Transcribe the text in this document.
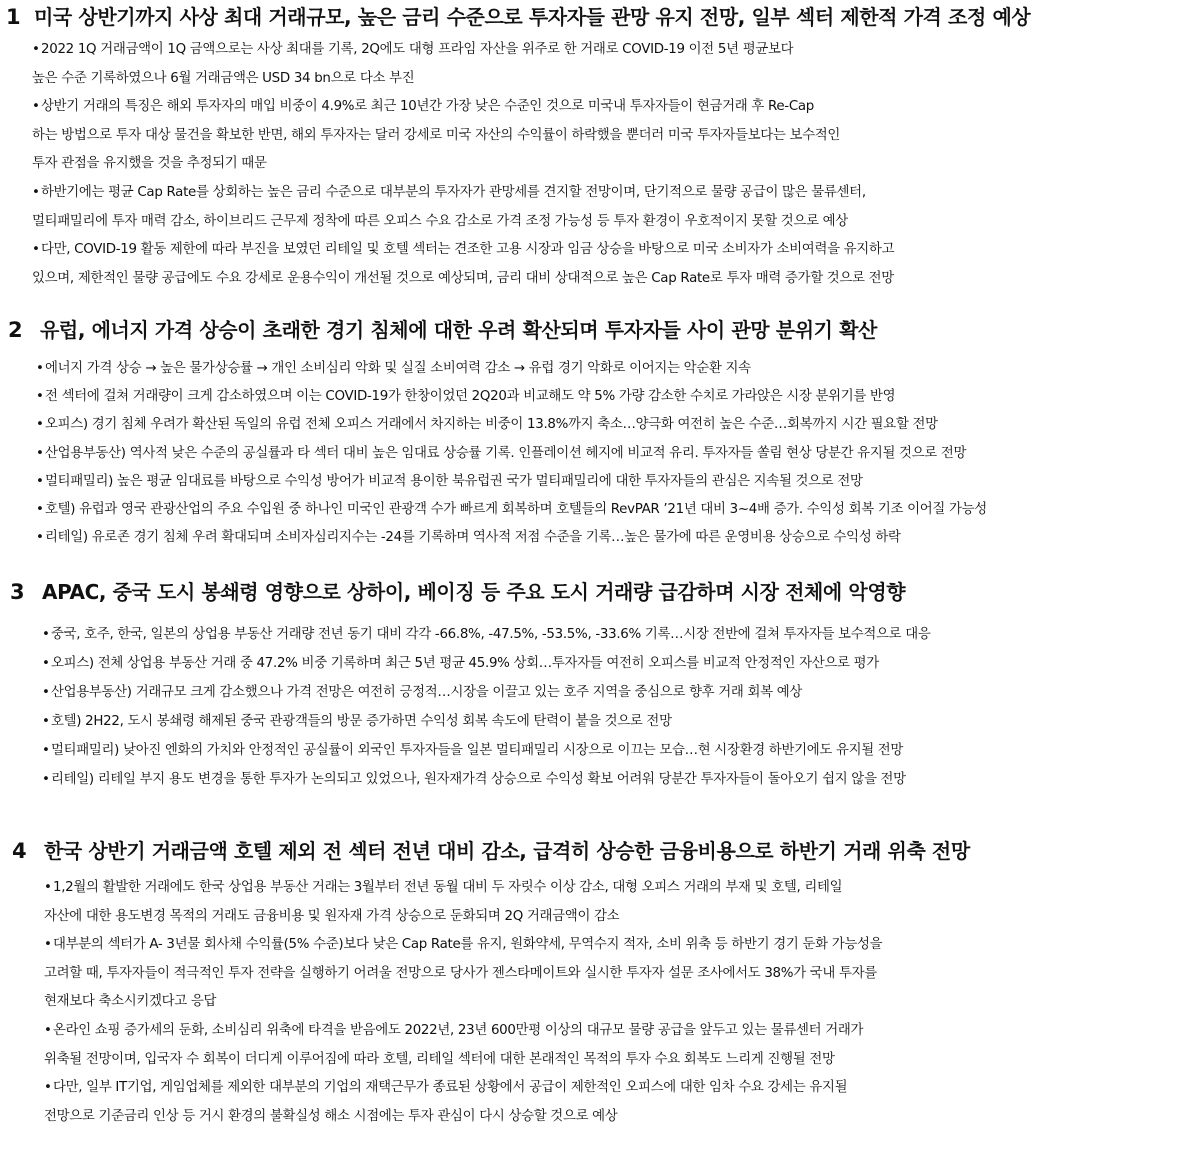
1 미국 상반기까지 사상 최대 거래규모, 높은 금리 수준으로 투자자들 관망 유지 전망, 일부 섹터 제한적 가격 조정 예상
•2022 1Q 거래금액이 1Q 금액으로는 사상 최대를 기록, 2Q에도 대형 프라임 자산을 위주로 한 거래로 COVID-19 이전 5년 평균보다
높은 수준 기록하였으나 6월 거래금액은 USD 34 bn으로 다소 부진
•상반기 거래의 특징은 해외 투자자의 매입 비중이 4.9%로 최근 10년간 가장 낮은 수준인 것으로 미국내 투자자들이 현금거래 후 Re-Cap
하는 방법으로 투자 대상 물건을 확보한 반면, 해외 투자자는 달러 강세로 미국 자산의 수익률이 하락했을 뿐더러 미국 투자자들보다는 보수적인
투자 관점을 유지했을 것을 추정되기 때문
•하반기에는 평균 Cap Rate를 상회하는 높은 금리 수준으로 대부분의 투자자가 관망세를 견지할 전망이며, 단기적으로 물량 공급이 많은 물류센터,
멀티패밀리에 투자 매력 감소, 하이브리드 근무제 정착에 따른 오피스 수요 감소로 가격 조정 가능성 등 투자 환경이 우호적이지 못할 것으로 예상
•다만, COVID-19 활동 제한에 따라 부진을 보였던 리테일 및 호텔 섹터는 견조한 고용 시장과 임금 상승을 바탕으로 미국 소비자가 소비여력을 유지하고
있으며, 제한적인 물량 공급에도 수요 강세로 운용수익이 개선될 것으로 예상되며, 금리 대비 상대적으로 높은 Cap Rate로 투자 매력 증가할 것으로 전망
2 유럽, 에너지 가격 상승이 초래한 경기 침체에 대한 우려 확산되며 투자자들 사이 관망 분위기 확산
•에너지 가격 상승 → 높은 물가상승률 → 개인 소비심리 악화 및 실질 소비여력 감소 → 유럽 경기 악화로 이어지는 악순환 지속
•전 섹터에 걸쳐 거래량이 크게 감소하였으며 이는 COVID-19가 한창이었던 2Q20과 비교해도 약 5% 가량 감소한 수치로 가라앉은 시장 분위기를 반영
•오피스) 경기 침체 우려가 확산된 독일의 유럽 전체 오피스 거래에서 차지하는 비중이 13.8%까지 축소…양극화 여전히 높은 수준…회복까지 시간 필요할 전망
•산업용부동산) 역사적 낮은 수준의 공실률과 타 섹터 대비 높은 임대료 상승률 기록. 인플레이션 헤지에 비교적 유리. 투자자들 쏠림 현상 당분간 유지될 것으로 전망
•멀티패밀리) 높은 평균 임대료를 바탕으로 수익성 방어가 비교적 용이한 북유럽권 국가 멀티패밀리에 대한 투자자들의 관심은 지속될 것으로 전망
•호텔) 유럽과 영국 관광산업의 주요 수입원 중 하나인 미국인 관광객 수가 빠르게 회복하며 호텔들의 RevPAR ’21년 대비 3~4배 증가. 수익성 회복 기조 이어질 가능성
•리테일) 유로존 경기 침체 우려 확대되며 소비자심리지수는 -24를 기록하며 역사적 저점 수준을 기록…높은 물가에 따른 운영비용 상승으로 수익성 하락
3 APAC, 중국 도시 봉쇄령 영향으로 상하이, 베이징 등 주요 도시 거래량 급감하며 시장 전체에 악영향
•중국, 호주, 한국, 일본의 상업용 부동산 거래량 전년 동기 대비 각각 -66.8%, -47.5%, -53.5%, -33.6% 기록…시장 전반에 걸쳐 투자자들 보수적으로 대응
•오피스) 전체 상업용 부동산 거래 중 47.2% 비중 기록하며 최근 5년 평균 45.9% 상회…투자자들 여전히 오피스를 비교적 안정적인 자산으로 평가
•산업용부동산) 거래규모 크게 감소했으나 가격 전망은 여전히 긍정적…시장을 이끌고 있는 호주 지역을 중심으로 향후 거래 회복 예상
•호텔) 2H22, 도시 봉쇄령 해제된 중국 관광객들의 방문 증가하면 수익성 회복 속도에 탄력이 붙을 것으로 전망
•멀티패밀리) 낮아진 엔화의 가치와 안정적인 공실률이 외국인 투자자들을 일본 멀티패밀리 시장으로 이끄는 모습…현 시장환경 하반기에도 유지될 전망
•리테일) 리테일 부지 용도 변경을 통한 투자가 논의되고 있었으나, 원자재가격 상승으로 수익성 확보 어려워 당분간 투자자들이 돌아오기 쉽지 않을 전망
4 한국 상반기 거래금액 호텔 제외 전 섹터 전년 대비 감소, 급격히 상승한 금융비용으로 하반기 거래 위축 전망
•1,2월의 활발한 거래에도 한국 상업용 부동산 거래는 3월부터 전년 동월 대비 두 자릿수 이상 감소, 대형 오피스 거래의 부재 및 호텔, 리테일
자산에 대한 용도변경 목적의 거래도 금융비용 및 원자재 가격 상승으로 둔화되며 2Q 거래금액이 감소
•대부분의 섹터가 A- 3년물 회사채 수익률(5% 수준)보다 낮은 Cap Rate를 유지, 원화약세, 무역수지 적자, 소비 위축 등 하반기 경기 둔화 가능성을
고려할 때, 투자자들이 적극적인 투자 전략을 실행하기 어려울 전망으로 당사가 젠스타메이트와 실시한 투자자 설문 조사에서도 38%가 국내 투자를
현재보다 축소시키겠다고 응답
•온라인 쇼핑 증가세의 둔화, 소비심리 위축에 타격을 받음에도 2022년, 23년 600만평 이상의 대규모 물량 공급을 앞두고 있는 물류센터 거래가
위축될 전망이며, 입국자 수 회복이 더디게 이루어짐에 따라 호텔, 리테일 섹터에 대한 본래적인 목적의 투자 수요 회복도 느리게 진행될 전망
•다만, 일부 IT기업, 게임업체를 제외한 대부분의 기업의 재택근무가 종료된 상황에서 공급이 제한적인 오피스에 대한 임차 수요 강세는 유지될
전망으로 기준금리 인상 등 거시 환경의 불확실성 해소 시점에는 투자 관심이 다시 상승할 것으로 예상
